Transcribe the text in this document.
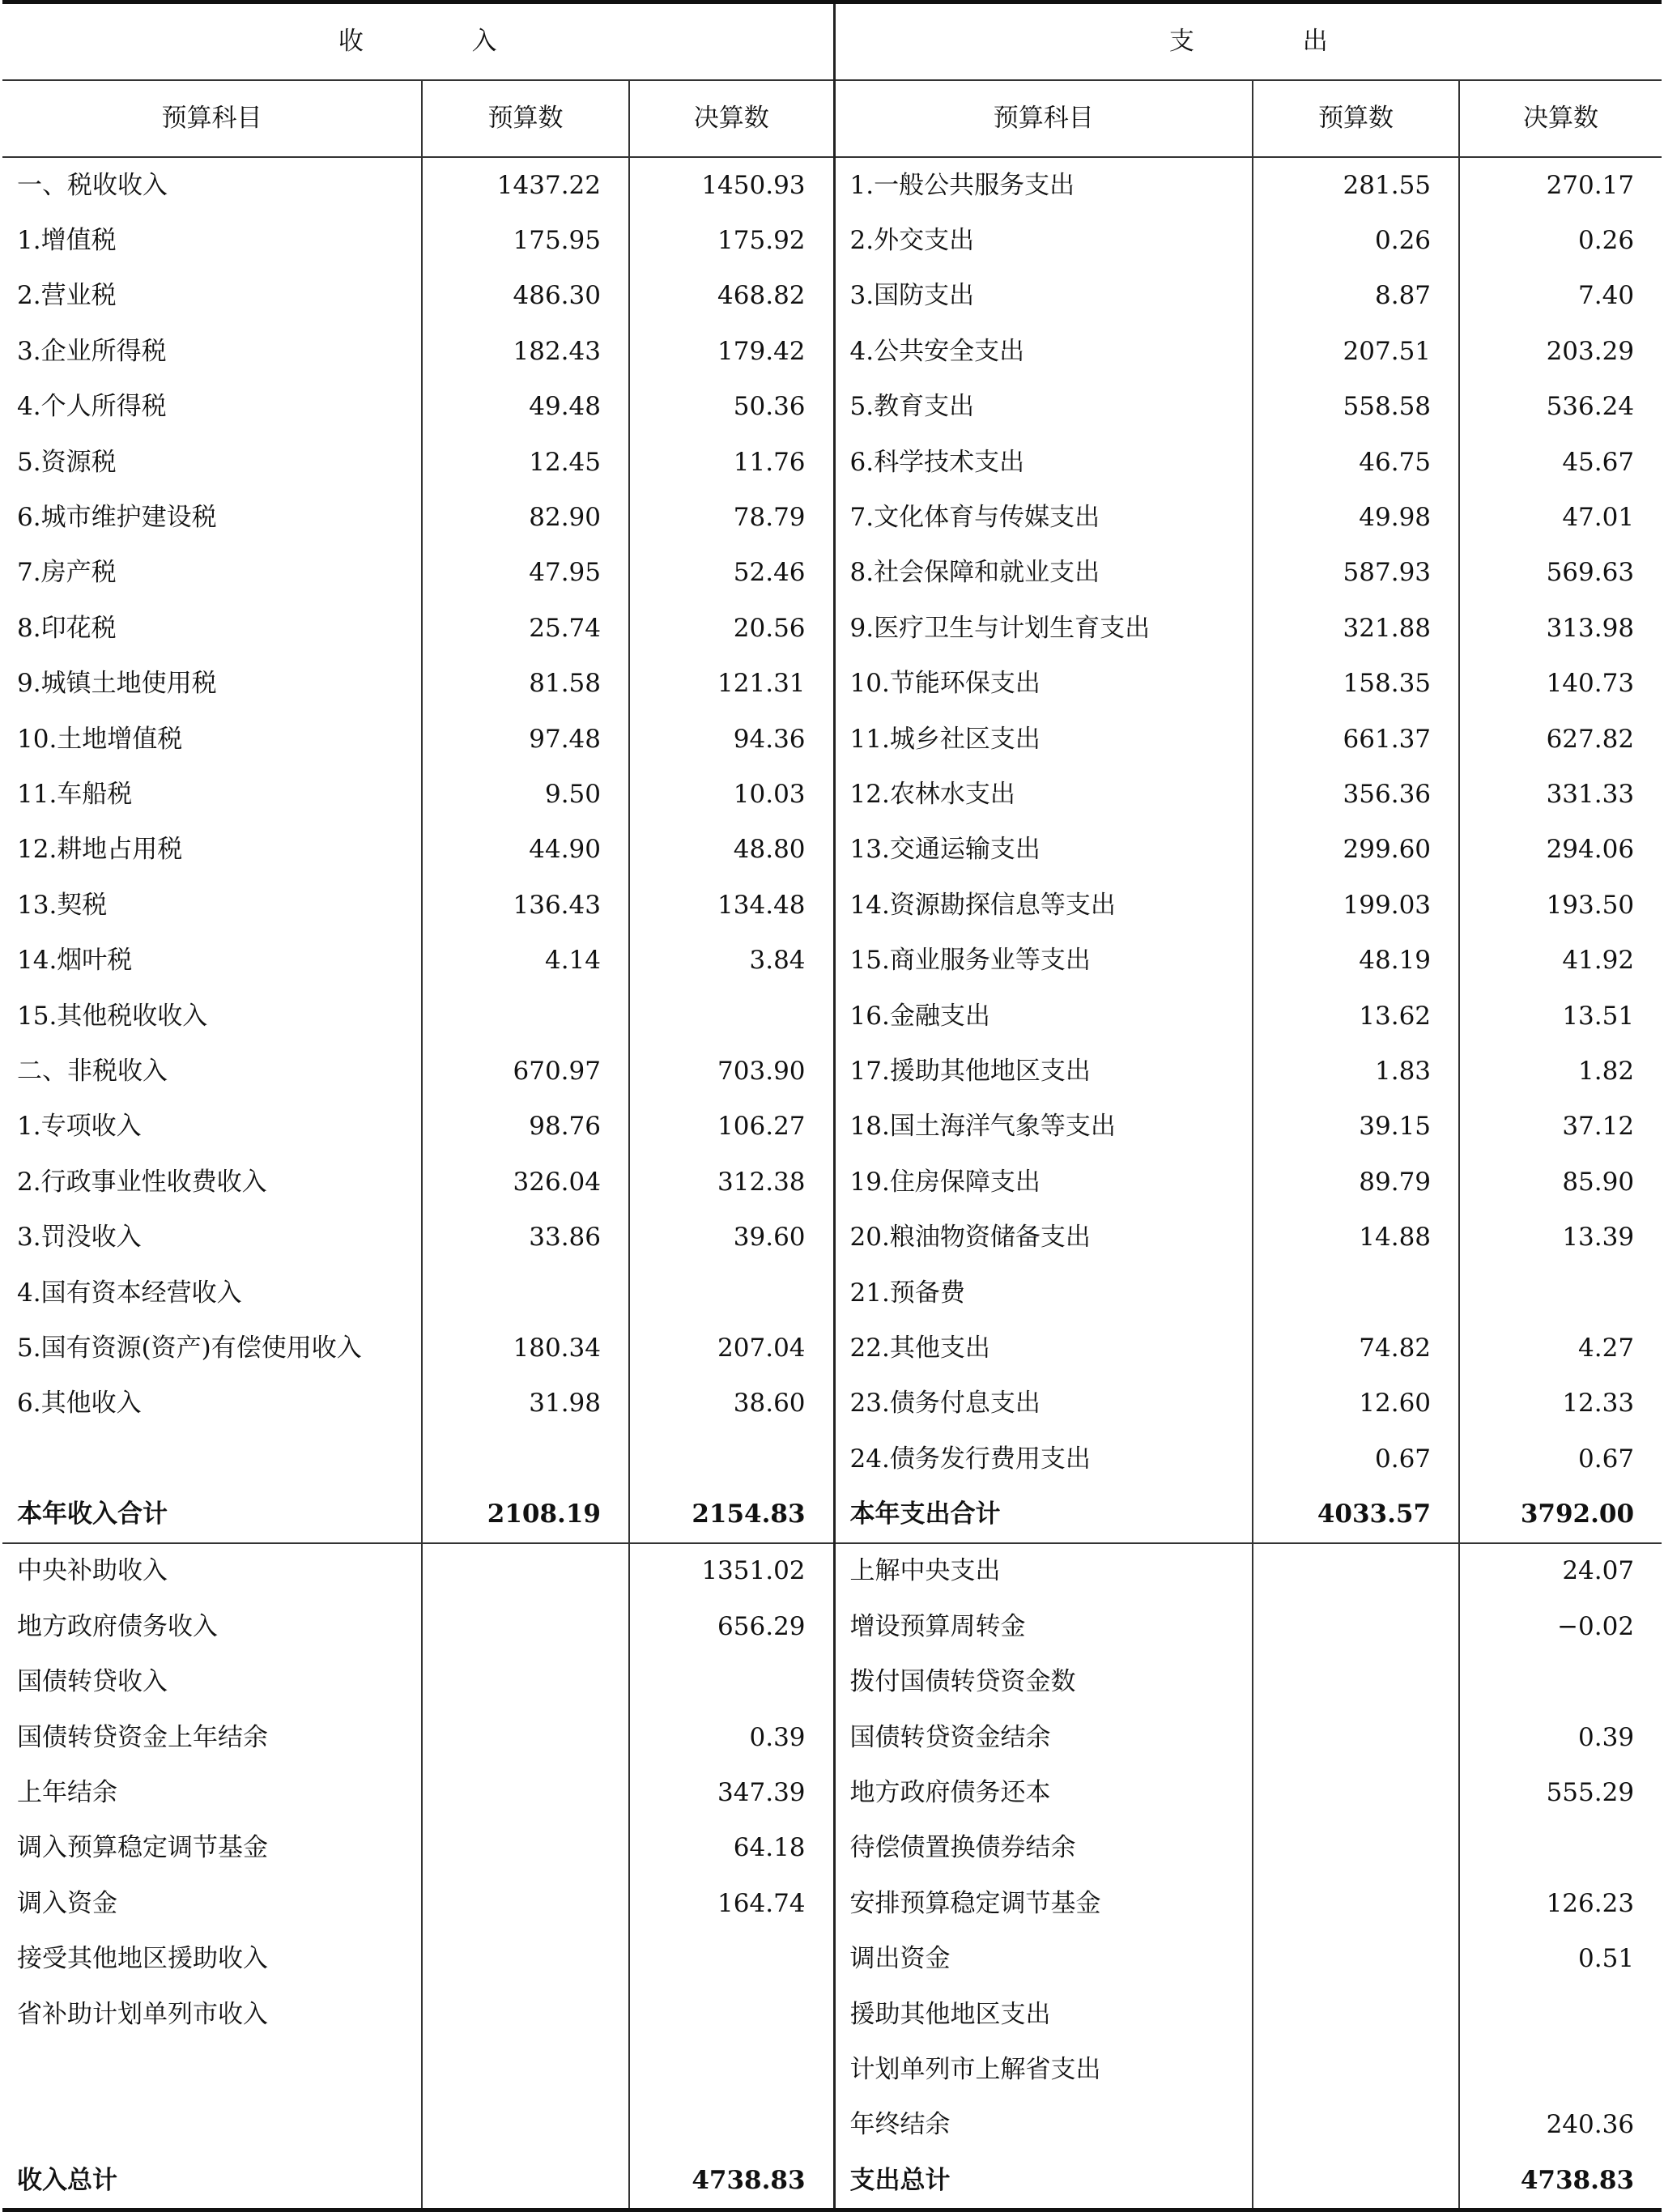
收 入			支 出		
预算科目	预算数	决算数	预算科目	预算数	决算数
一、税收收入	1437.22	1450.93	1.一般公共服务支出	281.55	270.17
1.增值税	175.95	175.92	2.外交支出	0.26	0.26
2.营业税	486.30	468.82	3.国防支出	8.87	7.40
3.企业所得税	182.43	179.42	4.公共安全支出	207.51	203.29
4.个人所得税	49.48	50.36	5.教育支出	558.58	536.24
5.资源税	12.45	11.76	6.科学技术支出	46.75	45.67
6.城市维护建设税	82.90	78.79	7.文化体育与传媒支出	49.98	47.01
7.房产税	47.95	52.46	8.社会保障和就业支出	587.93	569.63
8.印花税	25.74	20.56	9.医疗卫生与计划生育支出	321.88	313.98
9.城镇土地使用税	81.58	121.31	10.节能环保支出	158.35	140.73
10.土地增值税	97.48	94.36	11.城乡社区支出	661.37	627.82
11.车船税	9.50	10.03	12.农林水支出	356.36	331.33
12.耕地占用税	44.90	48.80	13.交通运输支出	299.60	294.06
13.契税	136.43	134.48	14.资源勘探信息等支出	199.03	193.50
14.烟叶税	4.14	3.84	15.商业服务业等支出	48.19	41.92
15.其他税收收入			16.金融支出	13.62	13.51
二、非税收入	670.97	703.90	17.援助其他地区支出	1.83	1.82
1.专项收入	98.76	106.27	18.国土海洋气象等支出	39.15	37.12
2.行政事业性收费收入	326.04	312.38	19.住房保障支出	89.79	85.90
3.罚没收入	33.86	39.60	20.粮油物资储备支出	14.88	13.39
4.国有资本经营收入			21.预备费		
5.国有资源(资产)有偿使用收入	180.34	207.04	22.其他支出	74.82	4.27
6.其他收入	31.98	38.60	23.债务付息支出	12.60	12.33
			24.债务发行费用支出	0.67	0.67
本年收入合计	2108.19	2154.83	本年支出合计	4033.57	3792.00
中央补助收入		1351.02	上解中央支出		24.07
地方政府债务收入		656.29	增设预算周转金		−0.02
国债转贷收入			拨付国债转贷资金数		
国债转贷资金上年结余		0.39	国债转贷资金结余		0.39
上年结余		347.39	地方政府债务还本		555.29
调入预算稳定调节基金		64.18	待偿债置换债券结余		
调入资金		164.74	安排预算稳定调节基金		126.23
接受其他地区援助收入			调出资金		0.51
省补助计划单列市收入			援助其他地区支出		
			计划单列市上解省支出		
			年终结余		240.36
收入总计		4738.83	支出总计		4738.83
